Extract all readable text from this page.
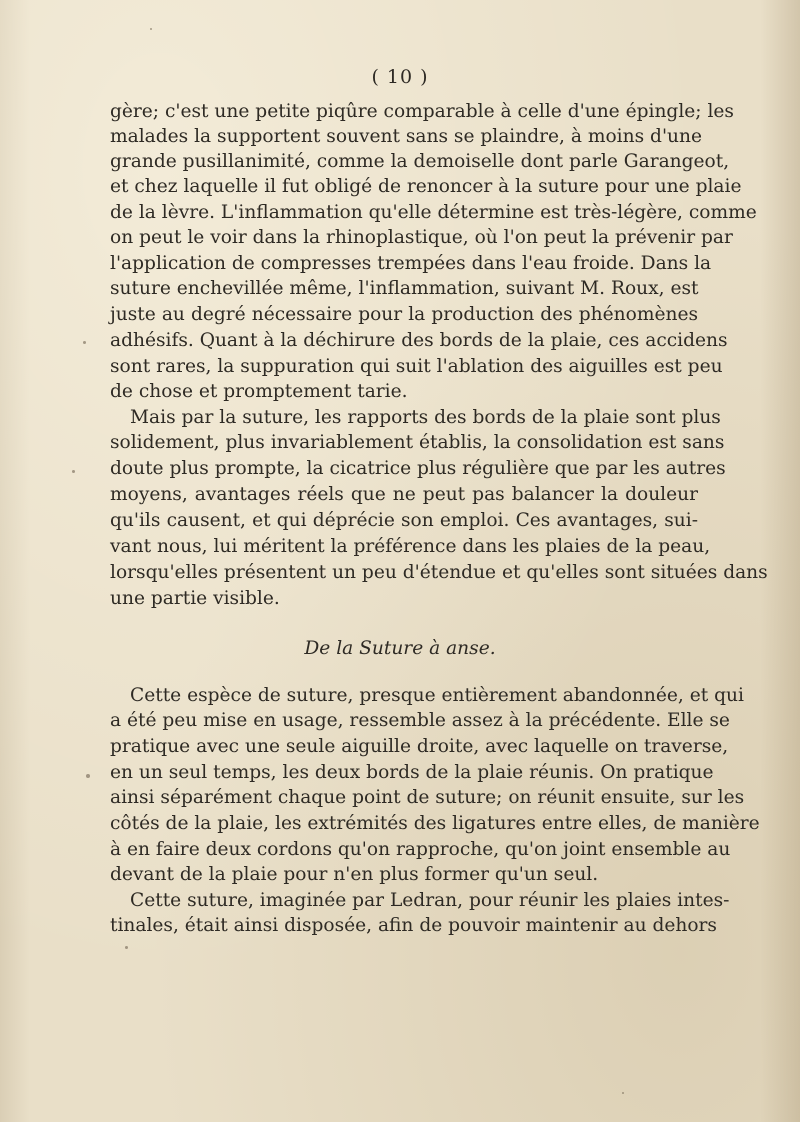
( 10 )
gère; c'est une petite piqûre comparable à celle d'une épingle; les
malades la supportent souvent sans se plaindre, à moins d'une
grande pusillanimité, comme la demoiselle dont parle Garangeot,
et chez laquelle il fut obligé de renoncer à la suture pour une plaie
de la lèvre. L'inflammation qu'elle détermine est très-légère, comme
on peut le voir dans la rhinoplastique, où l'on peut la prévenir par
l'application de compresses trempées dans l'eau froide. Dans la
suture enchevillée même, l'inflammation, suivant M. Roux, est
juste au degré nécessaire pour la production des phénomènes
adhésifs. Quant à la déchirure des bords de la plaie, ces accidens
sont rares, la suppuration qui suit l'ablation des aiguilles est peu
de chose et promptement tarie.
Mais par la suture, les rapports des bords de la plaie sont plus
solidement, plus invariablement établis, la consolidation est sans
doute plus prompte, la cicatrice plus régulière que par les autres
moyens, avantages réels que ne peut pas balancer la douleur
qu'ils causent, et qui déprécie son emploi. Ces avantages, sui-
vant nous, lui méritent la préférence dans les plaies de la peau,
lorsqu'elles présentent un peu d'étendue et qu'elles sont situées dans
une partie visible.
De la Suture à anse.
Cette espèce de suture, presque entièrement abandonnée, et qui
a été peu mise en usage, ressemble assez à la précédente. Elle se
pratique avec une seule aiguille droite, avec laquelle on traverse,
en un seul temps, les deux bords de la plaie réunis. On pratique
ainsi séparément chaque point de suture; on réunit ensuite, sur les
côtés de la plaie, les extrémités des ligatures entre elles, de manière
à en faire deux cordons qu'on rapproche, qu'on joint ensemble au
devant de la plaie pour n'en plus former qu'un seul.
Cette suture, imaginée par Ledran, pour réunir les plaies intes-
tinales, était ainsi disposée, afin de pouvoir maintenir au dehors
